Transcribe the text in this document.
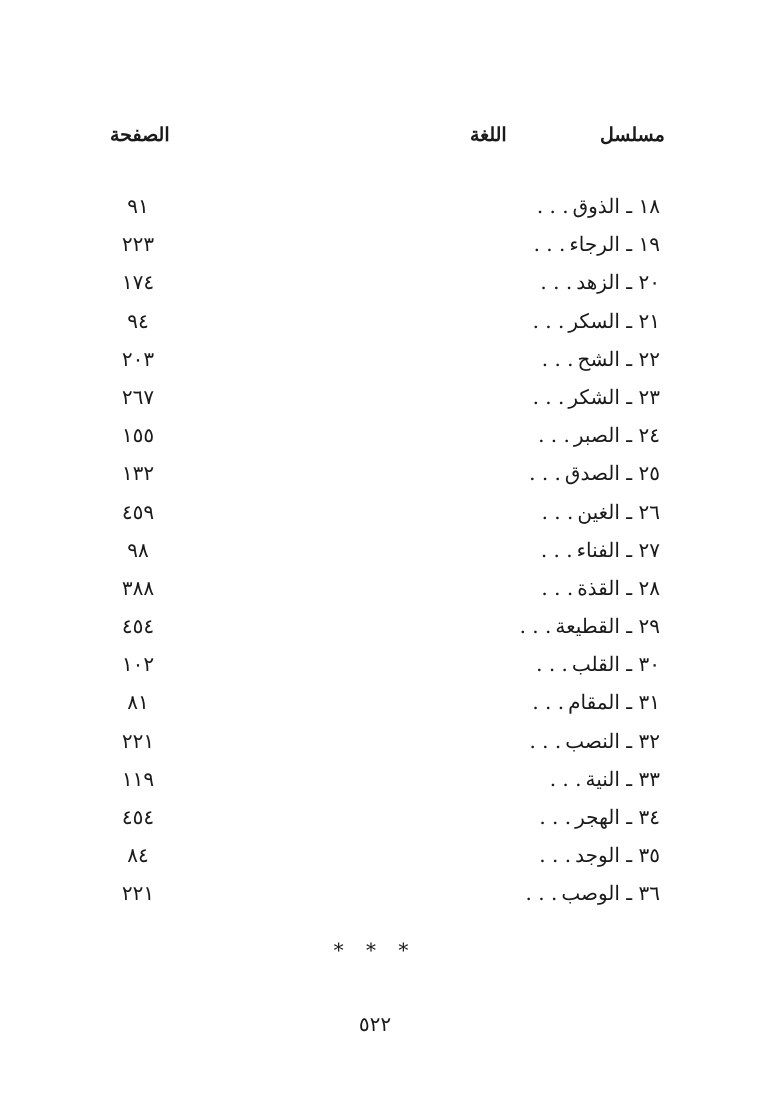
مسلسل
اللغة
الصفحة
١٨ ـ الذوق. . .
٩١
١٩ ـ الرجاء. . .
٢٢٣
٢٠ ـ الزهد. . .
١٧٤
٢١ ـ السكر. . .
٩٤
٢٢ ـ الشح. . .
٢٠٣
٢٣ ـ الشكر. . .
٢٦٧
٢٤ ـ الصبر. . .
١٥٥
٢٥ ـ الصدق. . .
١٣٢
٢٦ ـ الغين. . .
٤٥٩
٢٧ ـ الفناء. . .
٩٨
٢٨ ـ القذة. . .
٣٨٨
٢٩ ـ القطيعة. . .
٤٥٤
٣٠ ـ القلب. . .
١٠٢
٣١ ـ المقام. . .
٨١
٣٢ ـ النصب. . .
٢٢١
٣٣ ـ النية. . .
١١٩
٣٤ ـ الهجر. . .
٤٥٤
٣٥ ـ الوجد. . .
٨٤
٣٦ ـ الوصب. . .
٢٢١
* * *
٥٢٢
